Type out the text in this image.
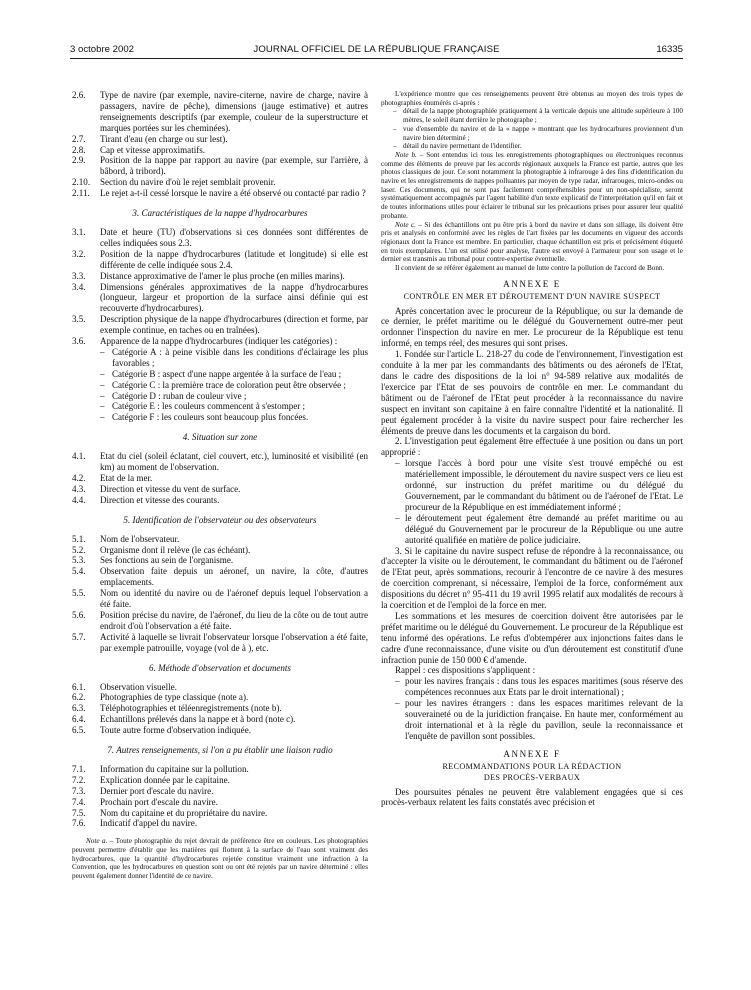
3 octobre 2002	JOURNAL OFFICIEL DE LA RÉPUBLIQUE FRANÇAISE	16335
2.6. Type de navire (par exemple, navire-citerne, navire de charge, navire à passagers, navire de pêche), dimensions (jauge estimative) et autres renseignements descriptifs (par exemple, couleur de la superstructure et marques portées sur les cheminées).
2.7. Tirant d'eau (en charge ou sur lest).
2.8. Cap et vitesse approximatifs.
2.9. Position de la nappe par rapport au navire (par exemple, sur l'arrière, à bâbord, à tribord).
2.10. Section du navire d'où le rejet semblait provenir.
2.11. Le rejet a-t-il cessé lorsque le navire a été observé ou contacté par radio ?
3. Caractéristiques de la nappe d'hydrocarbures
3.1. Date et heure (TU) d'observations si ces données sont différentes de celles indiquées sous 2.3.
3.2. Position de la nappe d'hydrocarbures (latitude et longitude) si elle est différente de celle indiquée sous 2.4.
3.3. Distance approximative de l'amer le plus proche (en milles marins).
3.4. Dimensions générales approximatives de la nappe d'hydrocarbures (longueur, largeur et proportion de la surface ainsi définie qui est recouverte d'hydrocarbures).
3.5. Description physique de la nappe d'hydrocarbures (direction et forme, par exemple continue, en taches ou en traînées).
3.6. Apparence de la nappe d'hydrocarbures (indiquer les catégories) :
– Catégorie A : à peine visible dans les conditions d'éclairage les plus favorables ;
– Catégorie B : aspect d'une nappe argentée à la surface de l'eau ;
– Catégorie C : la première trace de coloration peut être observée ;
– Catégorie D : ruban de couleur vive ;
– Catégorie E : les couleurs commencent à s'estomper ;
– Catégorie F : les couleurs sont beaucoup plus foncées.
4. Situation sur zone
4.1. Etat du ciel (soleil éclatant, ciel couvert, etc.), luminosité et visibilité (en km) au moment de l'observation.
4.2. Etat de la mer.
4.3. Direction et vitesse du vent de surface.
4.4. Direction et vitesse des courants.
5. Identification de l'observateur ou des observateurs
5.1. Nom de l'observateur.
5.2. Organisme dont il relève (le cas échéant).
5.3. Ses fonctions au sein de l'organisme.
5.4. Observation faite depuis un aéronef, un navire, la côte, d'autres emplacements.
5.5. Nom ou identité du navire ou de l'aéronef depuis lequel l'observation a été faite.
5.6. Position précise du navire, de l'aéronef, du lieu de la côte ou de tout autre endroit d'où l'observation a été faite.
5.7. Activité à laquelle se livrait l'observateur lorsque l'observation a été faite, par exemple patrouille, voyage (vol de à ), etc.
6. Méthode d'observation et documents
6.1. Observation visuelle.
6.2. Photographies de type classique (note a).
6.3. Téléphotographies et téléenregistrements (note b).
6.4. Echantillons prélevés dans la nappe et à bord (note c).
6.5. Toute autre forme d'observation indiquée.
7. Autres renseignements, si l'on a pu établir une liaison radio
7.1. Information du capitaine sur la pollution.
7.2. Explication donnée par le capitaine.
7.3. Dernier port d'escale du navire.
7.4. Prochain port d'escale du navire.
7.5. Nom du capitaine et du propriétaire du navire.
7.6. Indicatif d'appel du navire.

Note a. – Toute photographie du rejet devrait de préférence être en couleurs. Les photographies peuvent permettre d'établir que les matières qui flottent à la surface de l'eau sont vraiment des hydrocarbures, que la quantité d'hydrocarbures rejetée constitue vraiment une infraction à la Convention, que les hydrocarbures en question sont ou ont été rejetés par un navire déterminé : elles peuvent également donner l'identité de ce navire.

L'expérience montre que ces renseignements peuvent être obtenus au moyen des trois types de photographies énumérés ci-après :

– détail de la nappe photographiée pratiquement à la verticale depuis une altitude supérieure à 100 mètres, le soleil étant derrière le photographe ;
– vue d'ensemble du navire et de la « nappe » montrant que les hydrocarbures proviennent d'un navire bien déterminé ;
– détail du navire permettant de l'identifier.

Note b. – Sont entendus ici tous les enregistrements photographiques ou électroniques reconnus comme des éléments de preuve par les accords régionaux auxquels la France est partie, autres que les photos classiques de jour. Ce sont notamment la photographie à infrarouge à des fins d'identification du navire et les enregistrements de nappes polluantes par moyen de type radar, infrarouges, micro-ondes ou laser. Ces documents, qui ne sont pas facilement compréhensibles pour un non-spécialiste, seront systématiquement accompagnés par l'agent habilité d'un texte explicatif de l'interprétation qu'il en fait et de toutes informations utiles pour éclairer le tribunal sur les précautions prises pour assurer leur qualité probante.

Note c. – Si des échantillons ont pu être pris à bord du navire et dans son sillage, ils doivent être pris et analysés en conformité avec les règles de l'art fixées par les documents en vigueur des accords régionaux dont la France est membre. En particulier, chaque échantillon est pris et précisément étiqueté en trois exemplaires. L'un est utilisé pour analyse, l'autre est envoyé à l'armateur pour son usage et le dernier est transmis au tribunal pour contre-expertise éventuelle.

Il convient de se référer également au manuel de lutte contre la pollution de l'accord de Bonn.

ANNEXE E
CONTRÔLE EN MER ET DÉROUTEMENT D'UN NAVIRE SUSPECT

Après concertation avec le procureur de la République, ou sur la demande de ce dernier, le préfet maritime ou le délégué du Gouvernement outre-mer peut ordonner l'inspection du navire en mer. Le procureur de la République est tenu informé, en temps réel, des mesures qui sont prises.

1. Fondée sur l'article L. 218-27 du code de l'environnement, l'investigation est conduite à la mer par les commandants des bâtiments ou des aéronefs de l'Etat, dans le cadre des dispositions de la loi n° 94-589 relative aux modalités de l'exercice par l'Etat de ses pouvoirs de contrôle en mer. Le commandant du bâtiment ou de l'aéronef de l'Etat peut procéder à la reconnaissance du navire suspect en invitant son capitaine à en faire connaître l'identité et la nationalité. Il peut également procéder à la visite du navire suspect pour faire rechercher les éléments de preuve dans les documents et la cargaison du bord.

2. L'investigation peut également être effectuée à une position ou dans un port approprié :

– lorsque l'accès à bord pour une visite s'est trouvé empêché ou est matériellement impossible, le déroutement du navire suspect vers ce lieu est ordonné, sur instruction du préfet maritime ou du délégué du Gouvernement, par le commandant du bâtiment ou de l'aéronef de l'Etat. Le procureur de la République en est immédiatement informé ;
– le déroutement peut également être demandé au préfet maritime ou au délégué du Gouvernement par le procureur de la République ou une autre autorité qualifiée en matière de police judiciaire.

3. Si le capitaine du navire suspect refuse de répondre à la reconnaissance, ou d'accepter la visite ou le déroutement, le commandant du bâtiment ou de l'aéronef de l'Etat peut, après sommations, recourir à l'encontre de ce navire à des mesures de coercition comprenant, si nécessaire, l'emploi de la force, conformément aux dispositions du décret n° 95-411 du 19 avril 1995 relatif aux modalités de recours à la coercition et de l'emploi de la force en mer.

Les sommations et les mesures de coercition doivent être autorisées par le préfet maritime ou le délégué du Gouvernement. Le procureur de la République est tenu informé des opérations. Le refus d'obtempérer aux injonctions faites dans le cadre d'une reconnaissance, d'une visite ou d'un déroutement est constitutif d'une infraction punie de 150 000 € d'amende.

Rappel : ces dispositions s'appliquent :

– pour les navires français : dans tous les espaces maritimes (sous réserve des compétences reconnues aux Etats par le droit international) ;
– pour les navires étrangers : dans les espaces maritimes relevant de la souveraineté ou de la juridiction française. En haute mer, conformément au droit international et à la règle du pavillon, seule la reconnaissance et l'enquête de pavillon sont possibles.
ANNEXE F
RECOMMANDATIONS POUR LA RÉDACTION
DES PROCÈS-VERBAUX

Des poursuites pénales ne peuvent être valablement engagées que si ces procès-verbaux relatent les faits constatés avec précision et
